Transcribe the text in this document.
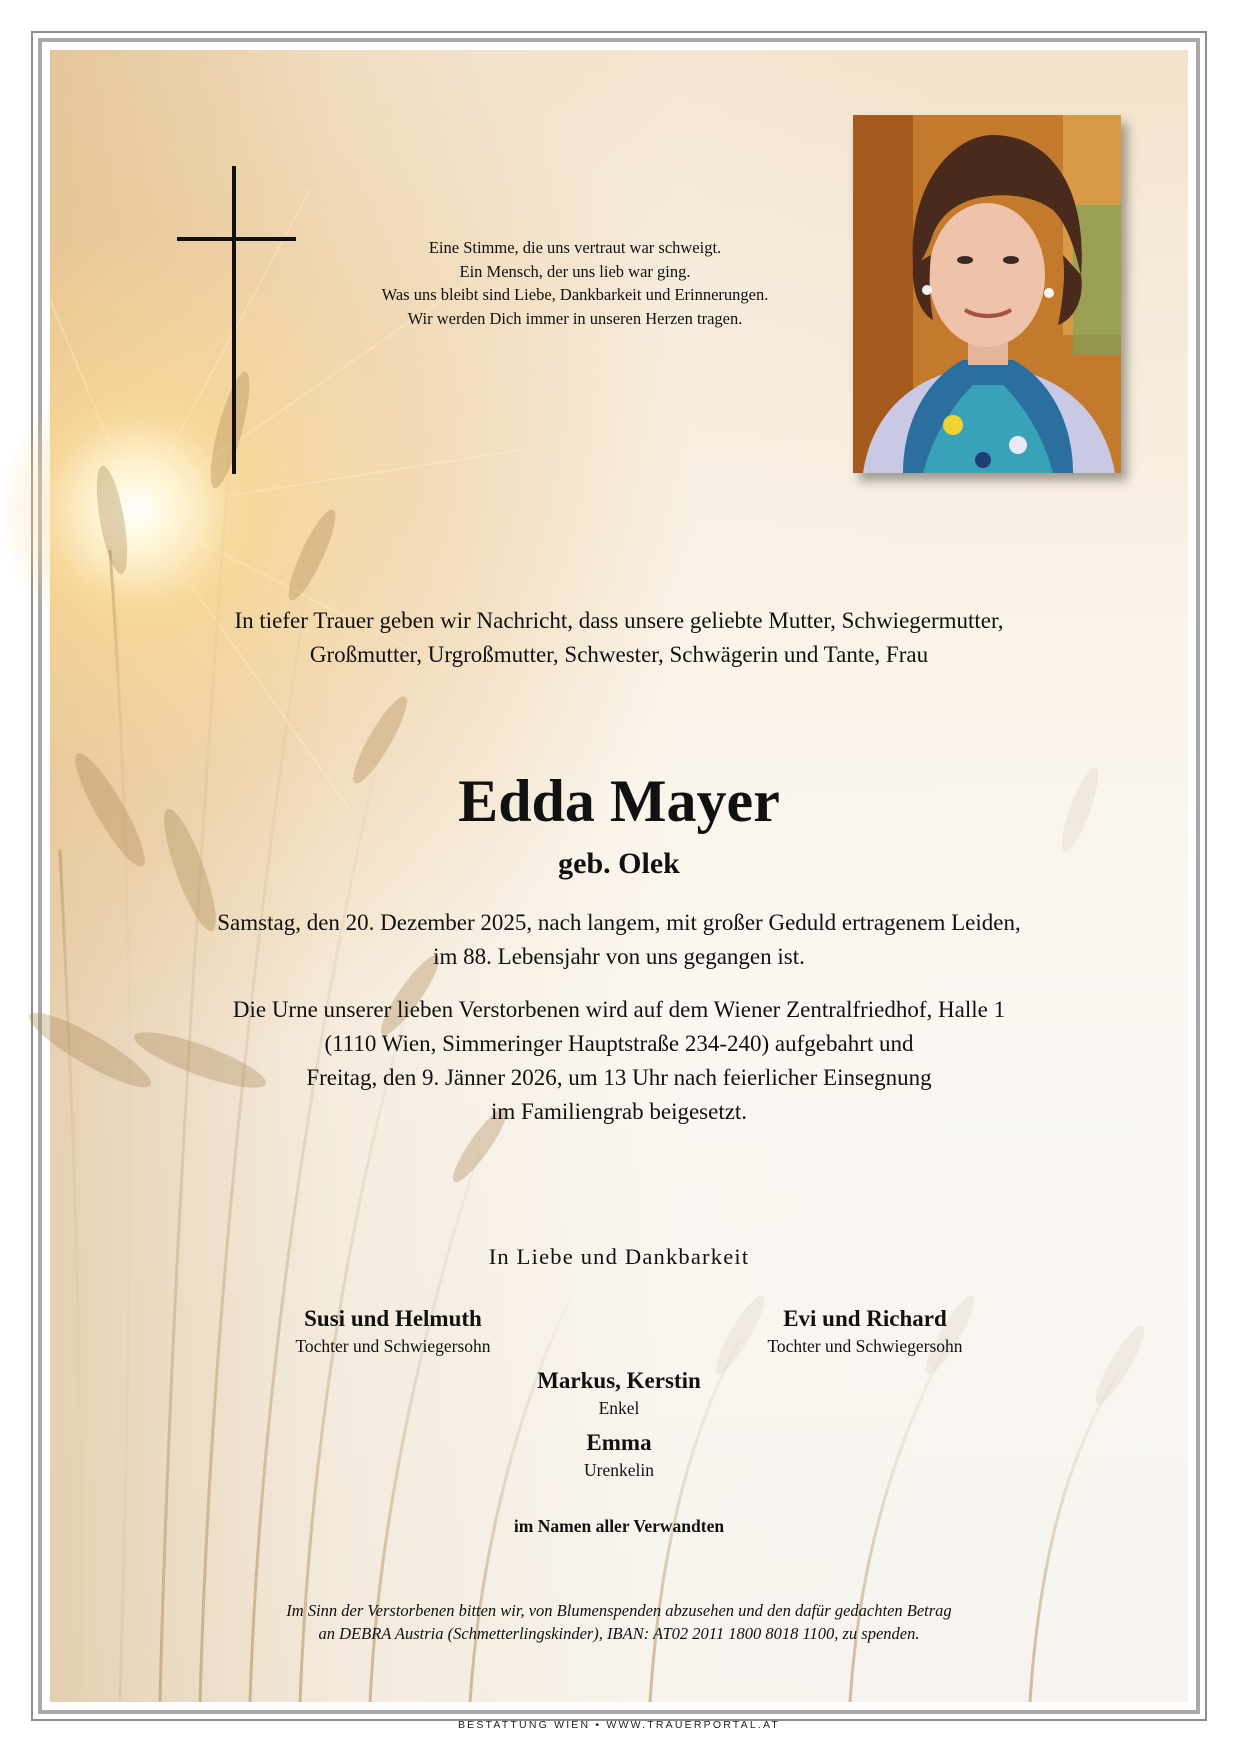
Eine Stimme, die uns vertraut war schweigt.
Ein Mensch, der uns lieb war ging.
Was uns bleibt sind Liebe, Dankbarkeit und Erinnerungen.
Wir werden Dich immer in unseren Herzen tragen.
In tiefer Trauer geben wir Nachricht, dass unsere geliebte Mutter, Schwiegermutter,
Großmutter, Urgroßmutter, Schwester, Schwägerin und Tante, Frau
Edda Mayer
geb. Olek
Samstag, den 20. Dezember 2025, nach langem, mit großer Geduld ertragenem Leiden,
im 88. Lebensjahr von uns gegangen ist.
Die Urne unserer lieben Verstorbenen wird auf dem Wiener Zentralfriedhof, Halle 1
(1110 Wien, Simmeringer Hauptstraße 234-240) aufgebahrt und
Freitag, den 9. Jänner 2026, um 13 Uhr nach feierlicher Einsegnung
im Familiengrab beigesetzt.
In Liebe und Dankbarkeit
Susi und Helmuth
Tochter und Schwiegersohn
Evi und Richard
Tochter und Schwiegersohn
Markus, Kerstin
Enkel
Emma
Urenkelin
im Namen aller Verwandten
Im Sinn der Verstorbenen bitten wir, von Blumenspenden abzusehen und den dafür gedachten Betrag
an DEBRA Austria (Schmetterlingskinder), IBAN: AT02 2011 1800 8018 1100, zu spenden.
BESTATTUNG WIEN • WWW.TRAUERPORTAL.AT
